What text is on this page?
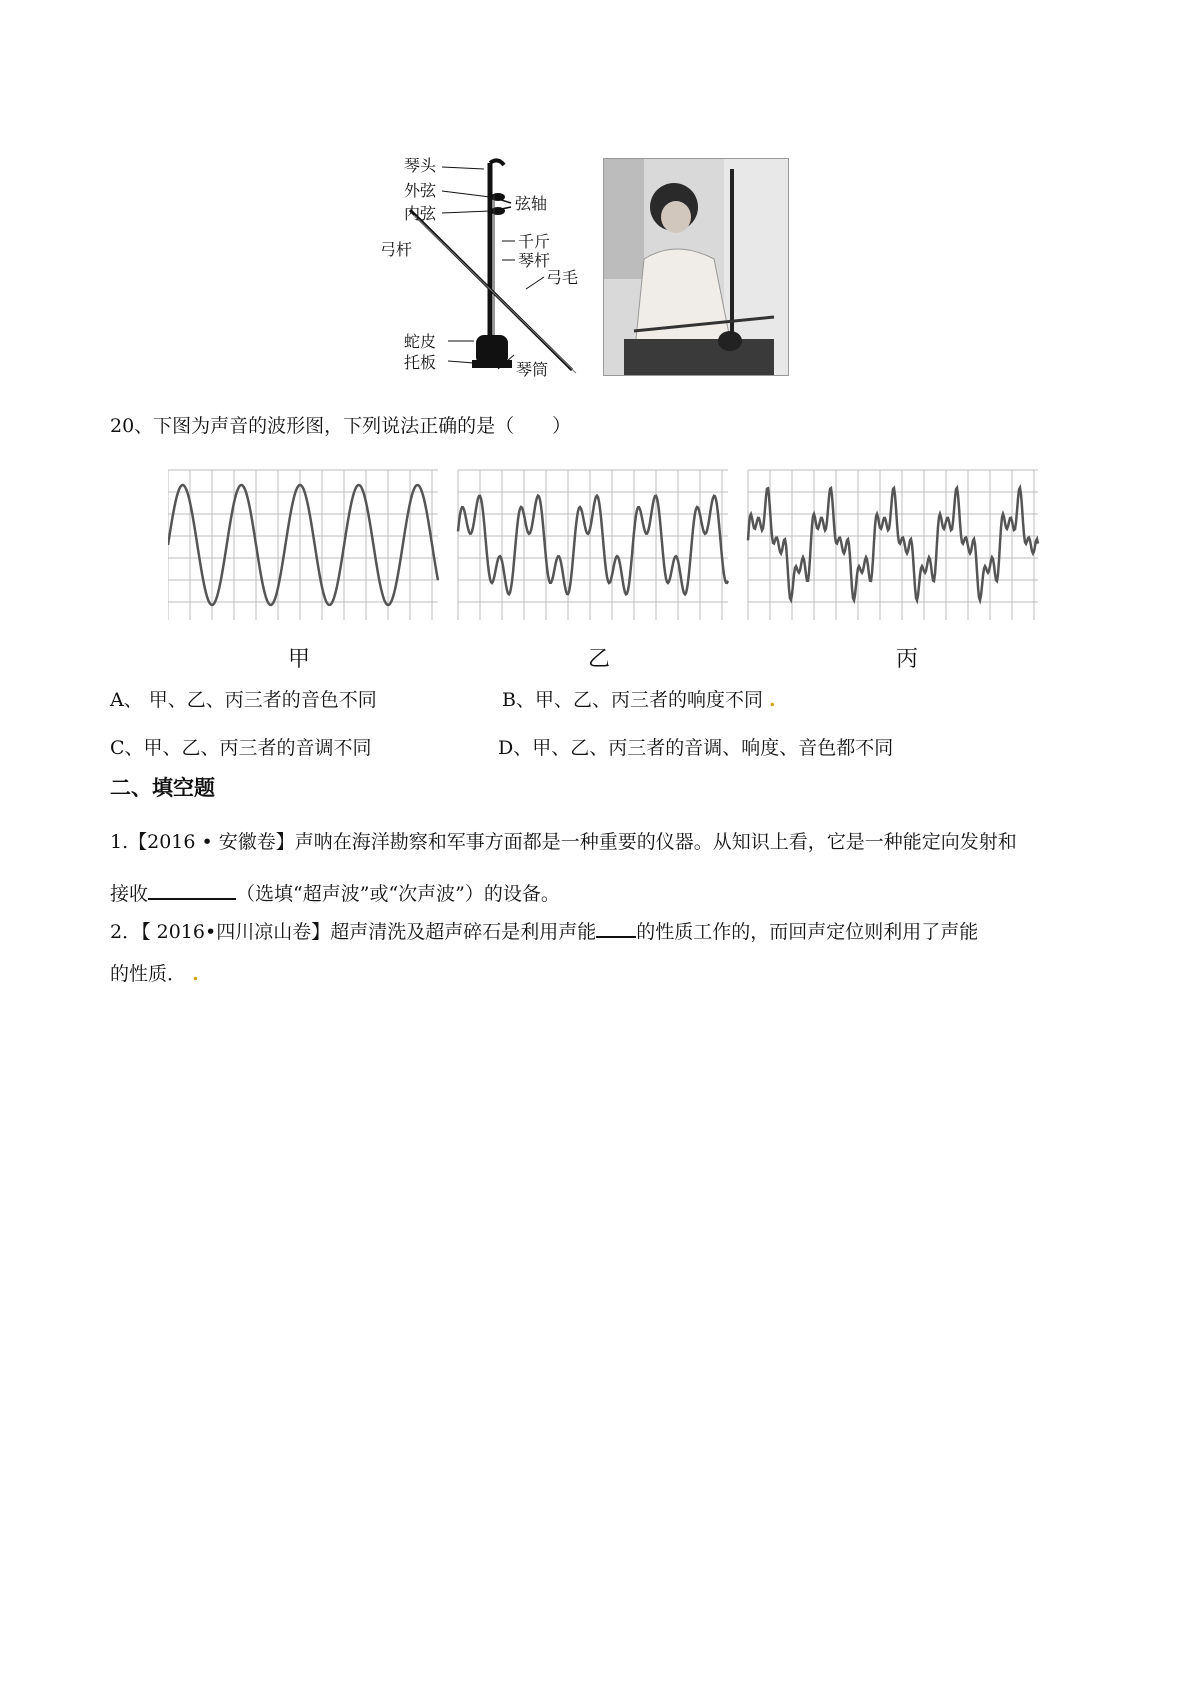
琴头
外弦
内弦
弦轴
弓杆	千斤
琴杆
弓毛
蛇皮
托板	琴筒
20、下图为声音的波形图，下列说法正确的是（　　）
甲	乙	丙
A、 甲、乙、丙三者的音色不同	B、甲、乙、丙三者的响度不同 .
C、甲、乙、丙三者的音调不同	D、甲、乙、丙三者的音调、响度、音色都不同
二、填空题
1.【2016 • 安徽卷】声呐在海洋勘察和军事方面都是一种重要的仪器。从知识上看，它是一种能定向发射和
接收	（选填“超声波”或“次声波”）的设备。
2．【 2016•四川凉山卷】超声清洗及超声碎石是利用声能 的性质工作的，而回声定位则利用了声能
的性质． .
